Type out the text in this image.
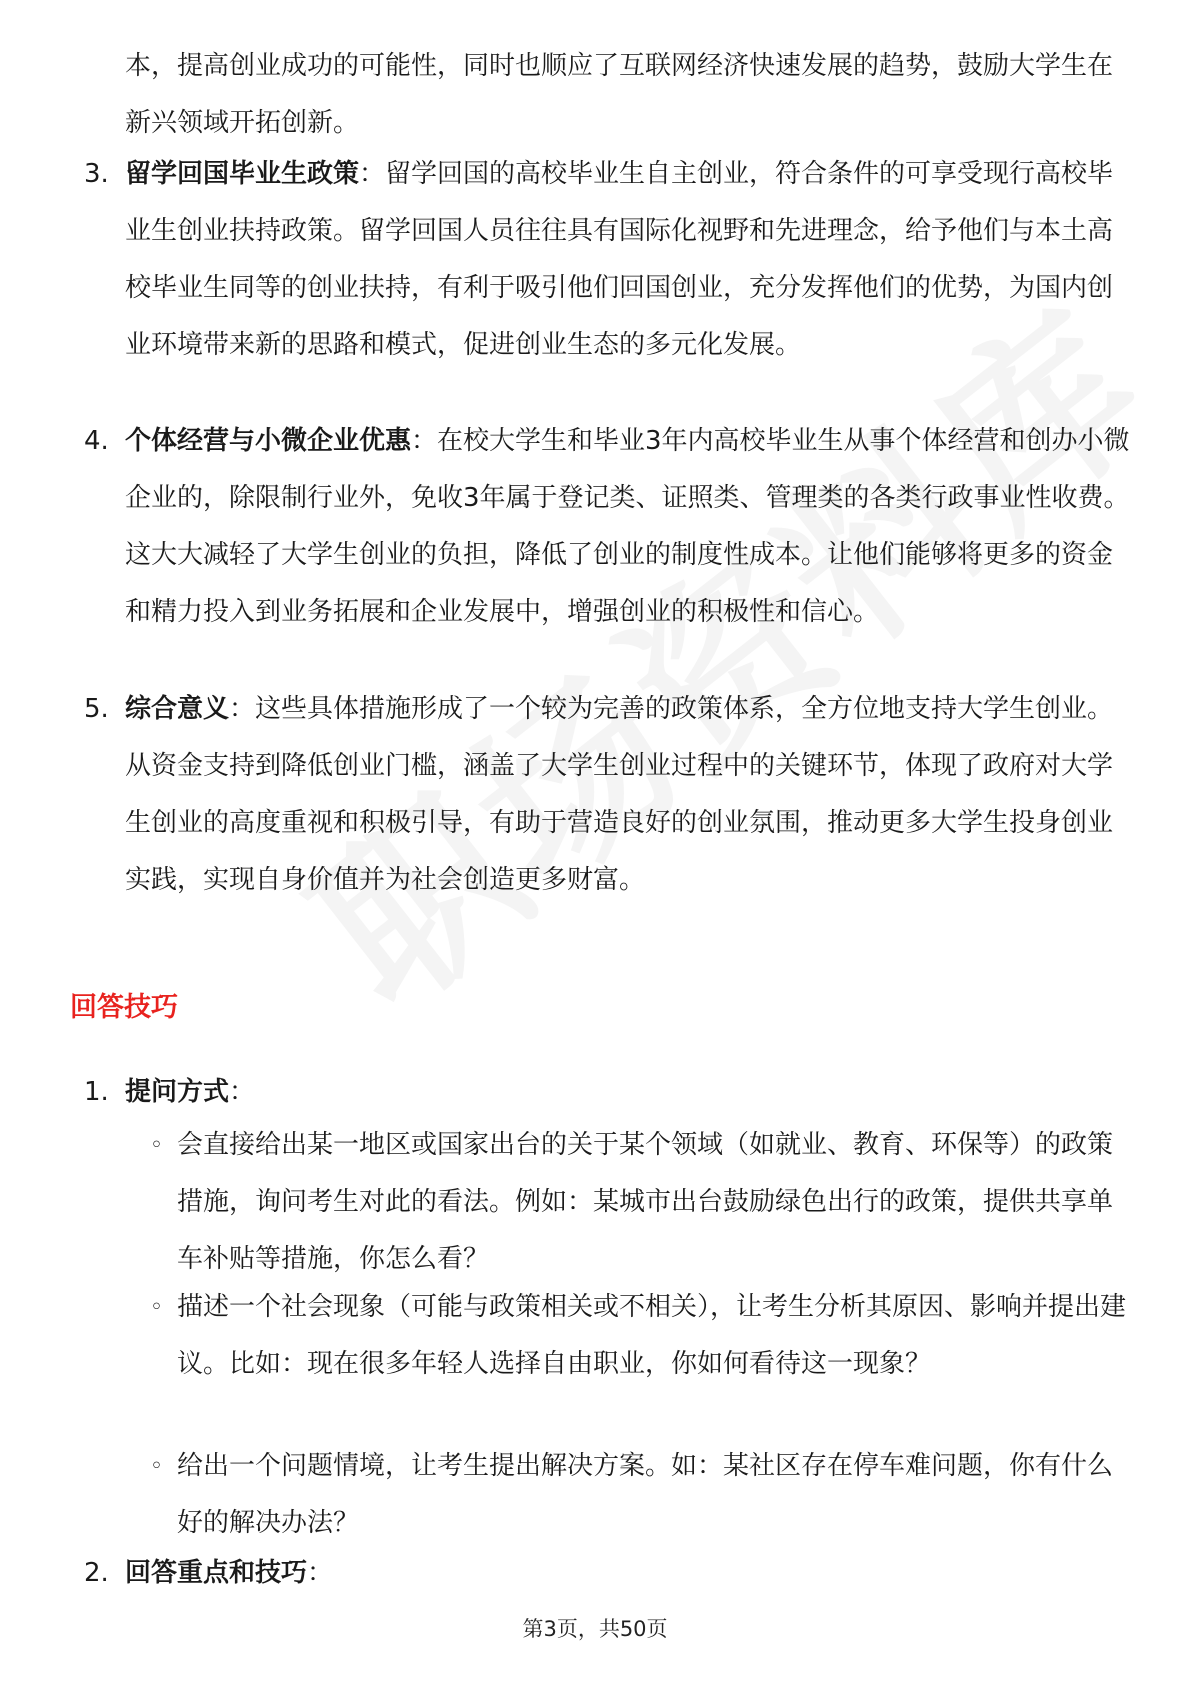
本，提高创业成功的可能性，同时也顺应了互联网经济快速发展的趋势，鼓励大学生在新兴领域开拓创新。
3. 留学回国毕业生政策：留学回国的高校毕业生自主创业，符合条件的可享受现行高校毕业生创业扶持政策。留学回国人员往往具有国际化视野和先进理念，给予他们与本土高校毕业生同等的创业扶持，有利于吸引他们回国创业，充分发挥他们的优势，为国内创业环境带来新的思路和模式，促进创业生态的多元化发展。
4. 个体经营与小微企业优惠：在校大学生和毕业3年内高校毕业生从事个体经营和创办小微企业的，除限制行业外，免收3年属于登记类、证照类、管理类的各类行政事业性收费。这大大减轻了大学生创业的负担，降低了创业的制度性成本。让他们能够将更多的资金和精力投入到业务拓展和企业发展中，增强创业的积极性和信心。
5. 综合意义：这些具体措施形成了一个较为完善的政策体系，全方位地支持大学生创业。从资金支持到降低创业门槛，涵盖了大学生创业过程中的关键环节，体现了政府对大学生创业的高度重视和积极引导，有助于营造良好的创业氛围，推动更多大学生投身创业实践，实现自身价值并为社会创造更多财富。
回答技巧
1. 提问方式：
◦ 会直接给出某一地区或国家出台的关于某个领域（如就业、教育、环保等）的政策措施，询问考生对此的看法。例如：某城市出台鼓励绿色出行的政策，提供共享单车补贴等措施，你怎么看？
◦ 描述一个社会现象（可能与政策相关或不相关），让考生分析其原因、影响并提出建议。比如：现在很多年轻人选择自由职业，你如何看待这一现象？
◦ 给出一个问题情境，让考生提出解决方案。如：某社区存在停车难问题，你有什么好的解决办法？
2. 回答重点和技巧：
第3页，共50页
